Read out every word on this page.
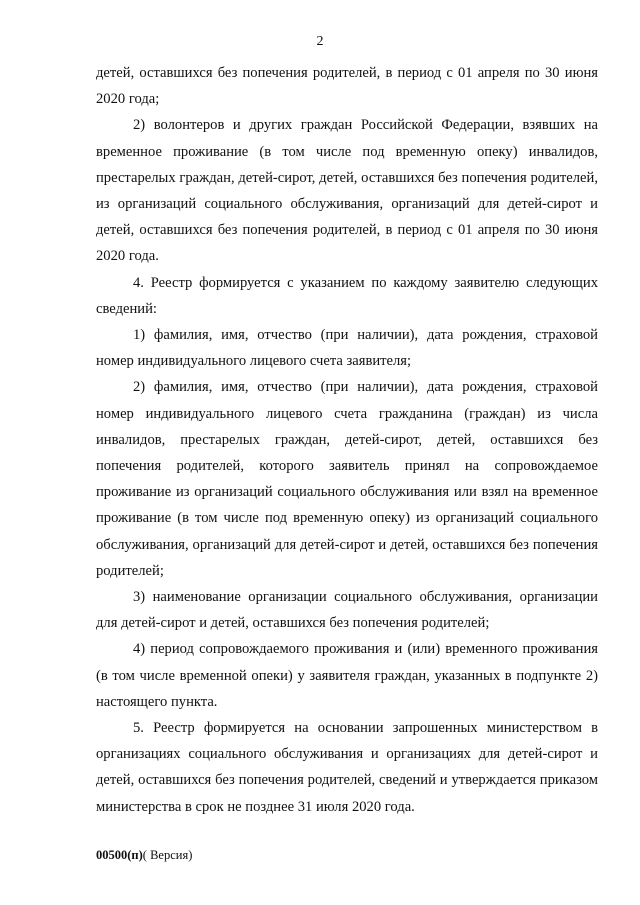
2

детей, оставшихся без попечения родителей, в период с 01 апреля по 30 июня 2020 года;

2) волонтеров и других граждан Российской Федерации, взявших на временное проживание (в том числе под временную опеку) инвалидов, престарелых граждан, детей-сирот, детей, оставшихся без попечения родителей, из организаций социального обслуживания, организаций для детей-сирот и детей, оставшихся без попечения родителей, в период с 01 апреля по 30 июня 2020 года.

4. Реестр формируется с указанием по каждому заявителю следующих сведений:

1) фамилия, имя, отчество (при наличии), дата рождения, страховой номер индивидуального лицевого счета заявителя;

2) фамилия, имя, отчество (при наличии), дата рождения, страховой номер индивидуального лицевого счета гражданина (граждан) из числа инвалидов, престарелых граждан, детей-сирот, детей, оставшихся без попечения родителей, которого заявитель принял на сопровождаемое проживание из организаций социального обслуживания или взял на временное проживание (в том числе под временную опеку) из организаций социального обслуживания, организаций для детей-сирот и детей, оставшихся без попечения родителей;

3) наименование организации социального обслуживания, организации для детей-сирот и детей, оставшихся без попечения родителей;

4) период сопровождаемого проживания и (или) временного проживания (в том числе временной опеки) у заявителя граждан, указанных в подпункте 2) настоящего пункта.

5. Реестр формируется на основании запрошенных министерством в организациях социального обслуживания и организациях для детей-сирот и детей, оставшихся без попечения родителей, сведений и утверждается приказом министерства в срок не позднее 31 июля 2020 года.

00500(п)( Версия)
